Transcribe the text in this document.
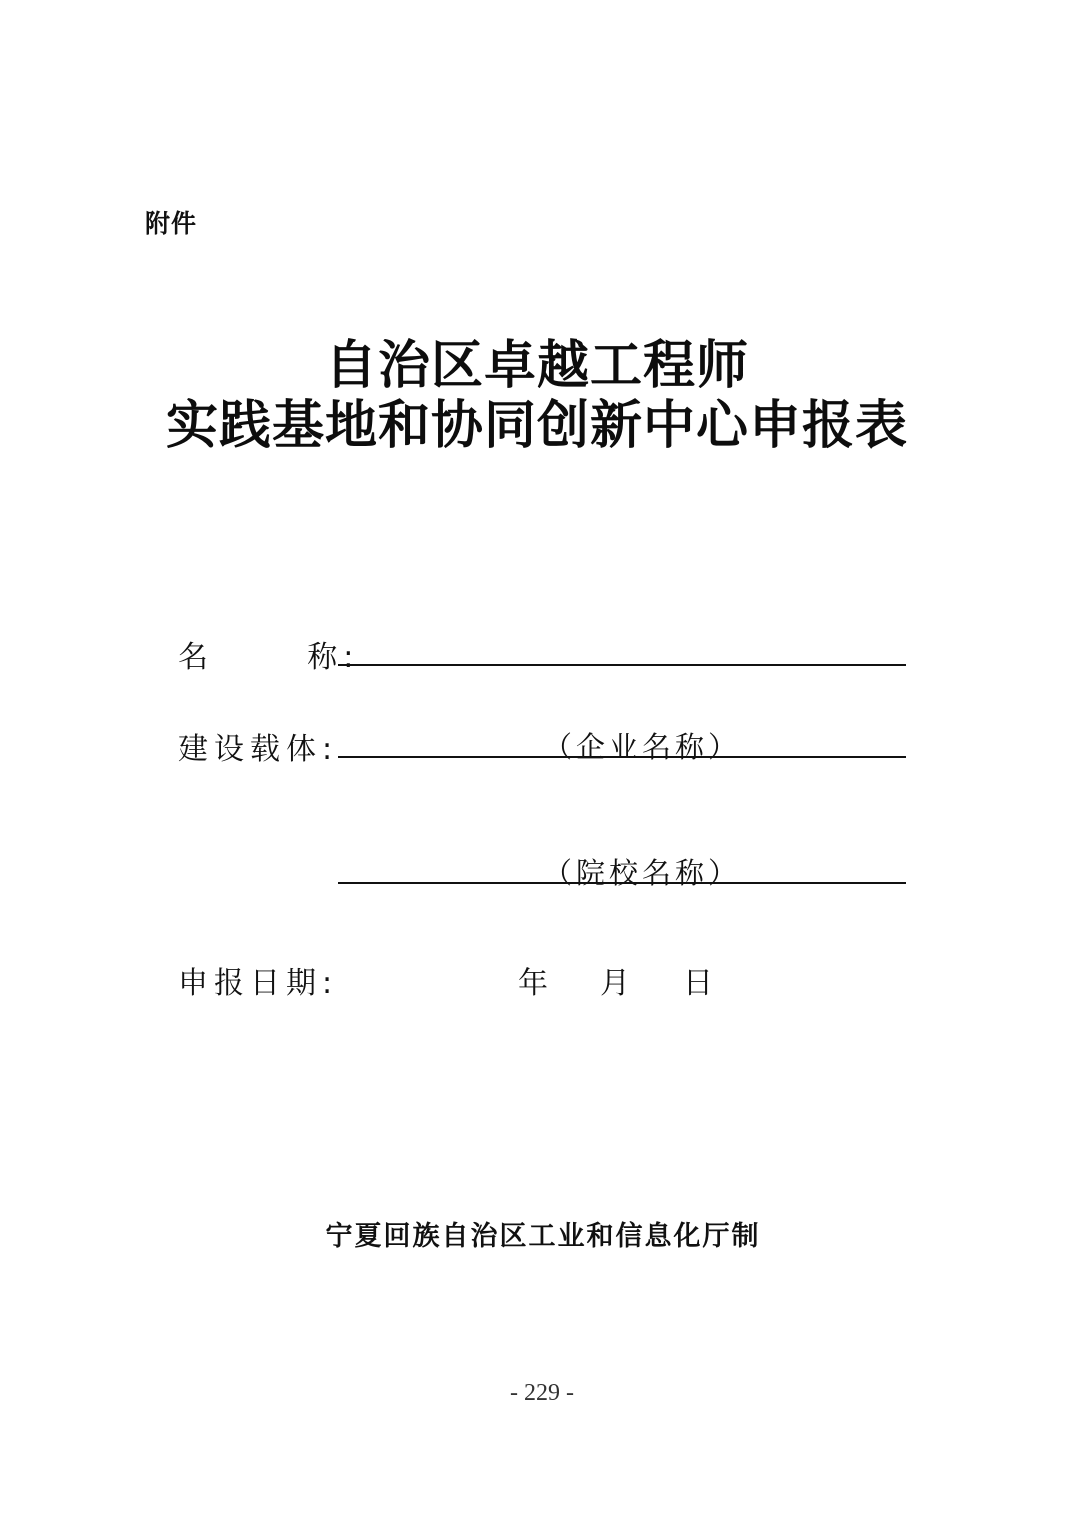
附件
自治区卓越工程师
实践基地和协同创新中心申报表
名      称:
建设载体:	（企业名称）
（院校名称）
申报日期:	年 月 日
宁夏回族自治区工业和信息化厅制
- 229 -
